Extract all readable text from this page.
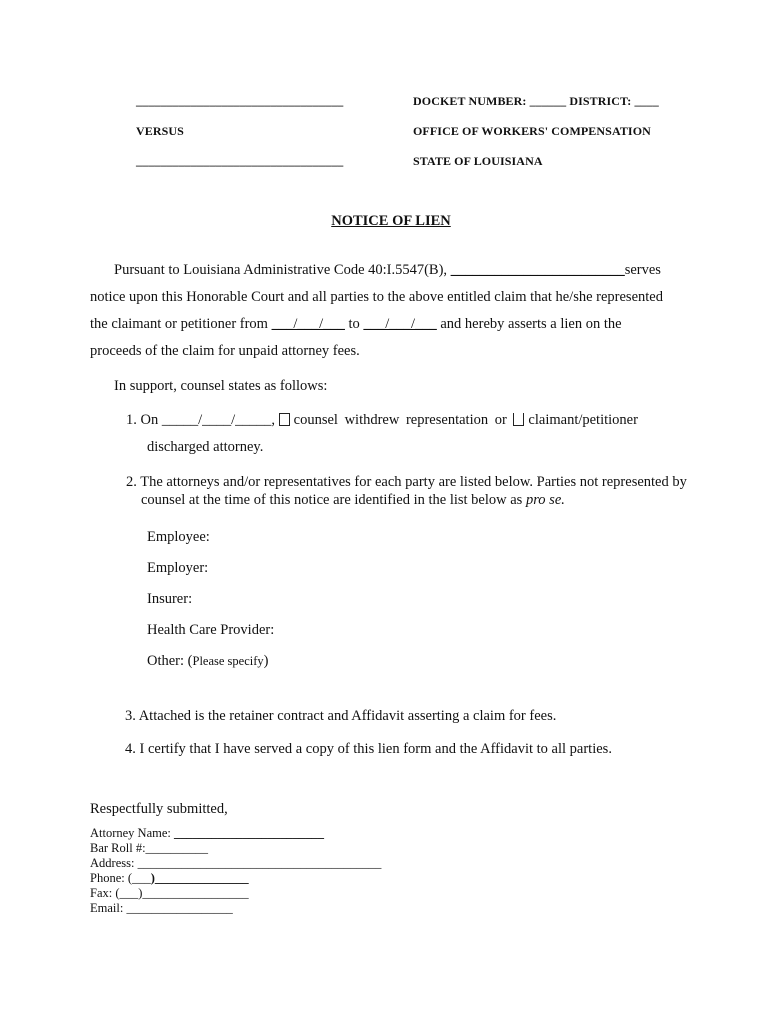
__________________________________
VERSUS
__________________________________
DOCKET NUMBER: ______ DISTRICT: ____
OFFICE OF WORKERS' COMPENSATION
STATE OF LOUISIANA
NOTICE OF LIEN
Pursuant to Louisiana Administrative Code 40:I.5547(B), ________________________serves
notice upon this Honorable Court and all parties to the above entitled claim that he/she represented
the claimant or petitioner from ___/___/___ to ___/___/___ and hereby asserts a lien on the
proceeds of the claim for unpaid attorney fees.
In support, counsel states as follows:
1. On _____/____/_____, counsel withdrew representation or claimant/petitioner
discharged attorney.
2. The attorneys and/or representatives for each party are listed below. Parties not represented by
counsel at the time of this notice are identified in the list below as pro se.
Employee:
Employer:
Insurer:
Health Care Provider:
Other: (Please specify)
3. Attached is the retainer contract and Affidavit asserting a claim for fees.
4. I certify that I have served a copy of this lien form and the Affidavit to all parties.
Respectfully submitted,
Attorney Name: ________________________
Bar Roll #:__________
Address: _______________________________________
Phone: (___)_______________
Fax: (___)_________________
Email: _________________
